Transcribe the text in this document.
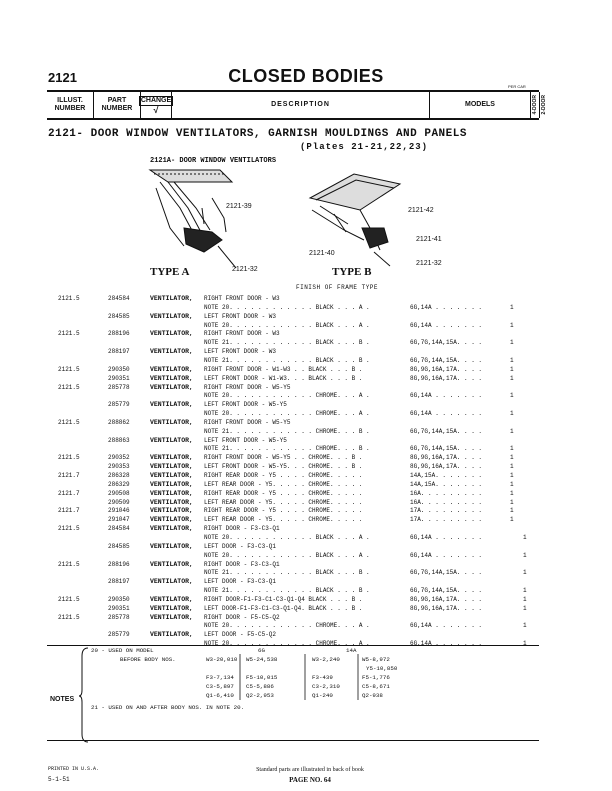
2121	CLOSED BODIES
PER CAR
ILLUST. NUMBER
PART NUMBER
CHANGE
√
DESCRIPTION	MODELS	4-DOOR 2-DOOR
2121- DOOR WINDOW VENTILATORS, GARNISH MOULDINGS AND PANELS
(Plates 21-21,22,23)
2121A- DOOR WINDOW VENTILATORS
2121-39
2121-32
TYPE A
2121-42
2121-41
2121-40
2121-32
TYPE B
FINISH OF FRAME TYPE
2121.5	284584	VENTILATOR, RIGHT FRONT DOOR - W3
NOTE 20. . . . . . . . . . . . BLACK . . . A .	6G,14A . . . . . . .	1
284585	VENTILATOR, LEFT FRONT DOOR - W3
NOTE 20. . . . . . . . . . . . BLACK . . . A .	6G,14A . . . . . . .	1
2121.5	288196	VENTILATOR, RIGHT FRONT DOOR - W3
NOTE 21. . . . . . . . . . . . BLACK . . . B .	6G,7G,14A,15A. . . .	1
288197	VENTILATOR, LEFT FRONT DOOR - W3
NOTE 21. . . . . . . . . . . . BLACK . . . B .	6G,7G,14A,15A. . . .	1
2121.5	290350	VENTILATOR, RIGHT FRONT DOOR - W1-W3 . . BLACK . . . B .	8G,9G,16A,17A. . . .	1
290351	VENTILATOR, LEFT FRONT DOOR - W1-W3. . . BLACK . . . B .	8G,9G,16A,17A. . . .	1
2121.5	285778	VENTILATOR, RIGHT FRONT DOOR - W5-Y5
NOTE 20. . . . . . . . . . . . CHROME. . . A .	6G,14A . . . . . . .	1
285779	VENTILATOR, LEFT FRONT DOOR - W5-Y5
NOTE 20. . . . . . . . . . . . CHROME. . . A .	6G,14A . . . . . . .	1
2121.5	288862	VENTILATOR, RIGHT FRONT DOOR - W5-Y5
NOTE 21. . . . . . . . . . . . CHROME. . . B .	6G,7G,14A,15A. . . .	1
288863	VENTILATOR, LEFT FRONT DOOR - W5-Y5
NOTE 21. . . . . . . . . . . . CHROME. . . B .	6G,7G,14A,15A. . . .	1
2121.5	290352	VENTILATOR, RIGHT FRONT DOOR - W5-Y5 . . CHROME. . . B .	8G,9G,16A,17A. . . .	1
290353	VENTILATOR, LEFT FRONT DOOR - W5-Y5. . . CHROME. . . B .	8G,9G,16A,17A. . . .	1
2121.7	286328	VENTILATOR, RIGHT REAR DOOR - Y5 . . . . CHROME. . . . .	14A,15A. . . . . . .	1
286329	VENTILATOR, LEFT REAR DOOR - Y5. . . . . CHROME. . . . .	14A,15A. . . . . . .	1
2121.7	290508	VENTILATOR, RIGHT REAR DOOR - Y5 . . . . CHROME. . . . .	16A. . . . . . . . .	1
290509	VENTILATOR, LEFT REAR DOOR - Y5. . . . . CHROME. . . . .	16A. . . . . . . . .	1
2121.7	291046	VENTILATOR, RIGHT REAR DOOR - Y5 . . . . CHROME. . . . .	17A. . . . . . . . .	1
291047	VENTILATOR, LEFT REAR DOOR - Y5. . . . . CHROME. . . . .	17A. . . . . . . . .	1
2121.5	284584	VENTILATOR, RIGHT DOOR - F3-C3-Q1
NOTE 20. . . . . . . . . . . . BLACK . . . A .	6G,14A . . . . . . .	1
284585	VENTILATOR, LEFT DOOR - F3-C3-Q1
NOTE 20. . . . . . . . . . . . BLACK . . . A .	6G,14A . . . . . . .	1
2121.5	288196	VENTILATOR, RIGHT DOOR - F3-C3-Q1
NOTE 21. . . . . . . . . . . . BLACK . . . B .	6G,7G,14A,15A. . . .	1
288197	VENTILATOR, LEFT DOOR - F3-C3-Q1
NOTE 21. . . . . . . . . . . . BLACK . . . B .	6G,7G,14A,15A. . . .	1
2121.5	290350	VENTILATOR, RIGHT DOOR-F1-F3-C1-C3-Q1-Q4 BLACK . . . B .	8G,9G,16A,17A. . . .	1
290351	VENTILATOR, LEFT DOOR-F1-F3-C1-C3-Q1-Q4. BLACK . . . B .	8G,9G,16A,17A. . . .	1
2121.5	285778	VENTILATOR, RIGHT DOOR - F5-C5-Q2
NOTE 20. . . . . . . . . . . . CHROME. . . A .	6G,14A . . . . . . .	1
285779	VENTILATOR, LEFT DOOR - F5-C5-Q2
NOTE 20. . . . . . . . . . . . CHROME. . . A .	6G,14A . . . . . . .	1
NOTES
20 - USED ON MODEL	6G	14A
BEFORE BODY NOS.	W3-20,010 W5-24,538	W3-2,240	W5-8,972
Y5-10,850
F3-7,134 F5-10,015	F3-439	F5-1,776
C3-5,897 C5-5,886	C3-2,310	C5-8,671
Q1-6,410 Q2-2,953	Q1-240	Q2-938
21 - USED ON AND AFTER BODY NOS. IN NOTE 20.
PRINTED IN U.S.A.
5-1-51
Standard parts are illustrated in back of book
PAGE NO. 64
